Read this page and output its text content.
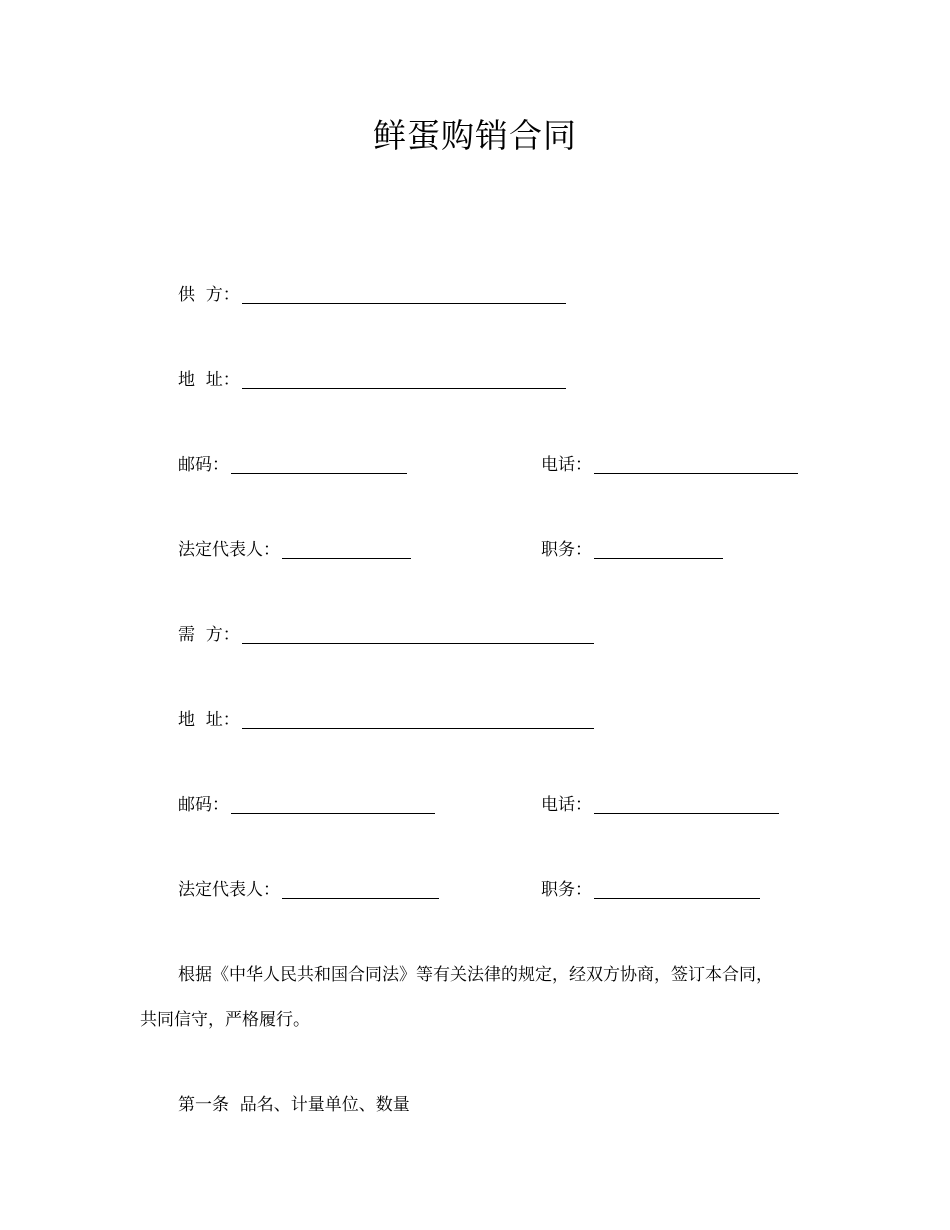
鲜蛋购销合同
供  方：
地  址：
邮码：	电话：
法定代表人：	职务：
需  方：
地  址：
邮码：	电话：
法定代表人：	职务：
根据《中华人民共和国合同法》等有关法律的规定，经双方协商，签订本合同，
共同信守，严格履行。
第一条  品名、计量单位、数量
